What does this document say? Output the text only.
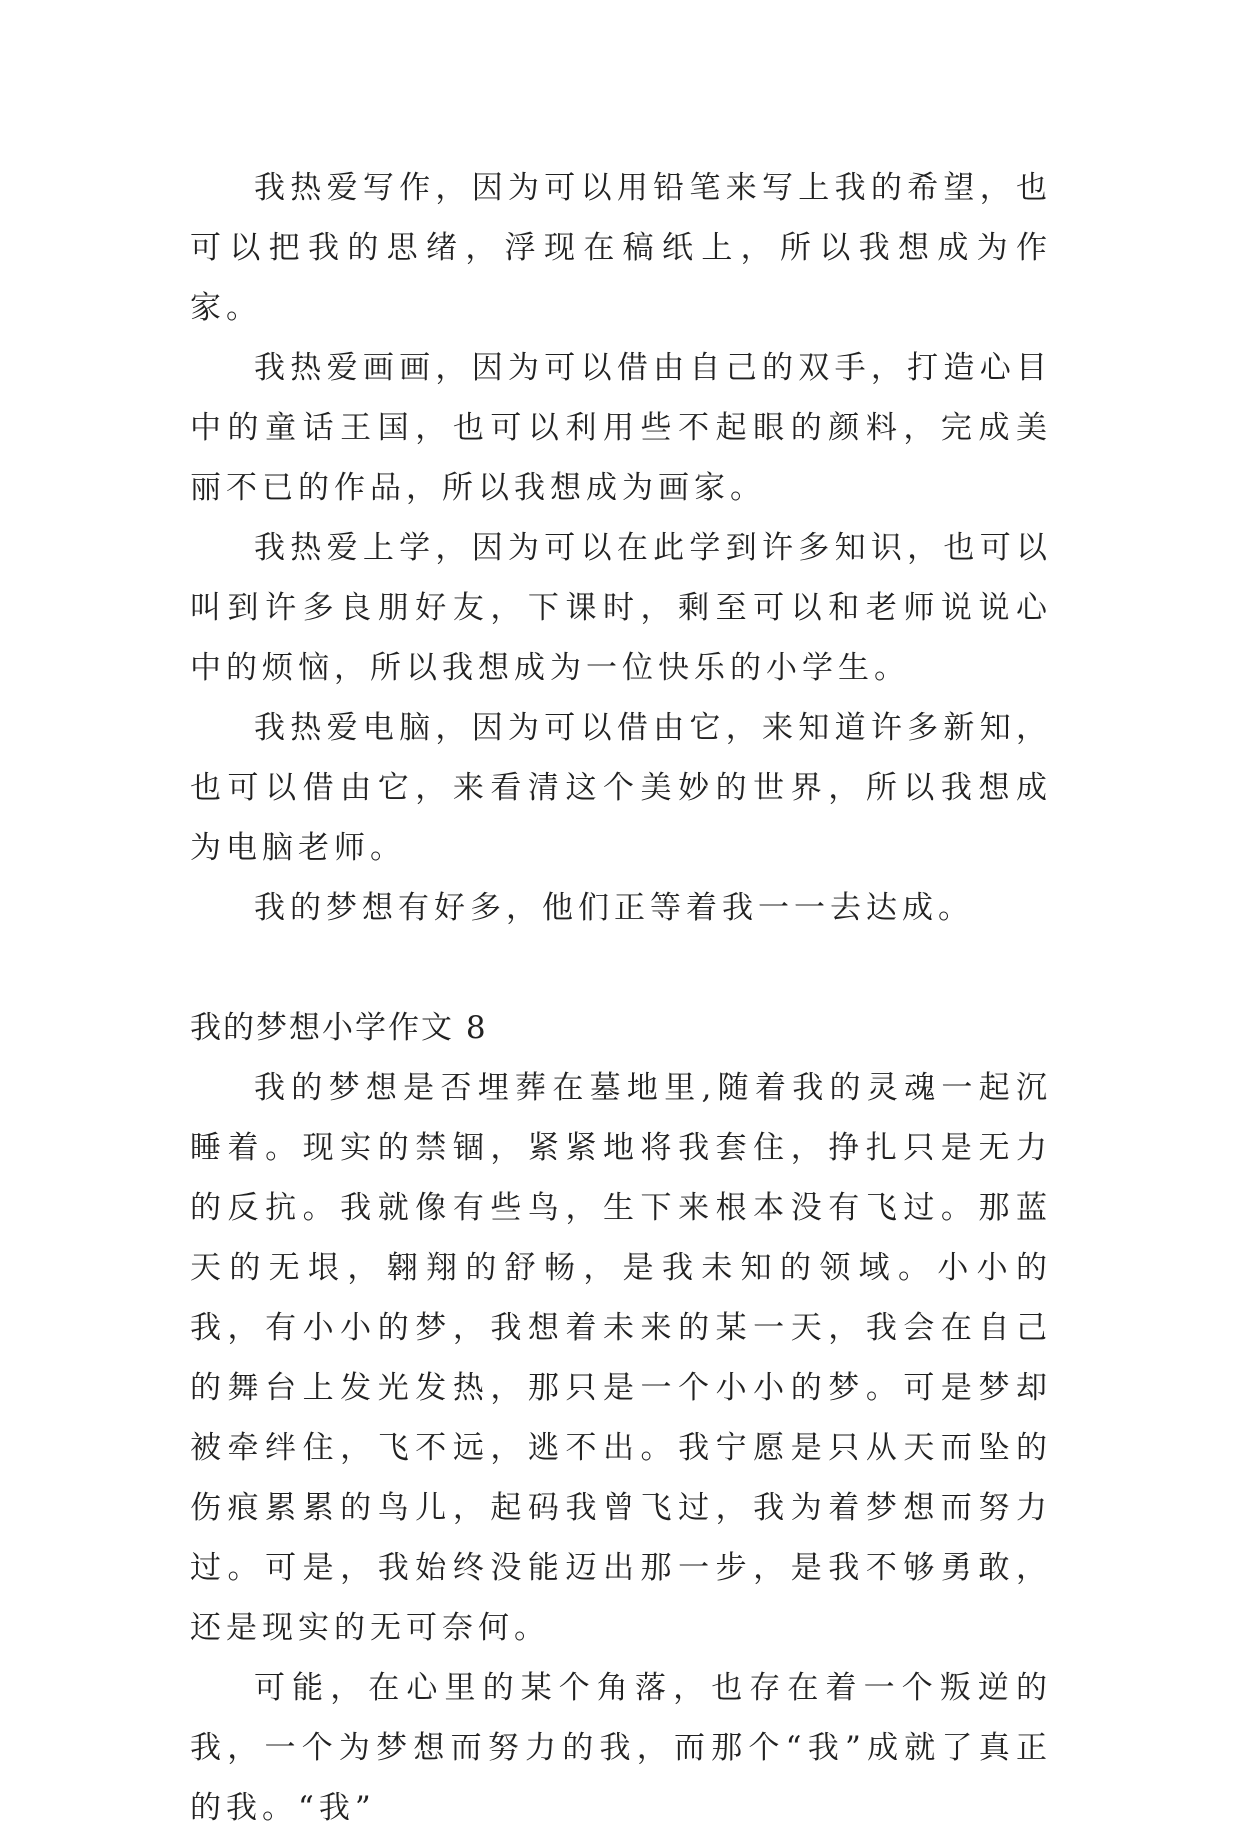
我热爱写作，因为可以用铅笔来写上我的希望，也可以把我的思绪，浮现在稿纸上，所以我想成为作家。

我热爱画画，因为可以借由自己的双手，打造心目中的童话王国，也可以利用些不起眼的颜料，完成美丽不已的作品，所以我想成为画家。

我热爱上学，因为可以在此学到许多知识，也可以叫到许多良朋好友，下课时，剩至可以和老师说说心中的烦恼，所以我想成为一位快乐的小学生。

我热爱电脑，因为可以借由它，来知道许多新知，也可以借由它，来看清这个美妙的世界，所以我想成为电脑老师。

我的梦想有好多，他们正等着我一一去达成。

我的梦想小学作文 8

我的梦想是否埋葬在墓地里,随着我的灵魂一起沉睡着。现实的禁锢，紧紧地将我套住，挣扎只是无力的反抗。我就像有些鸟，生下来根本没有飞过。那蓝天的无垠，翱翔的舒畅，是我未知的领域。小小的我，有小小的梦，我想着未来的某一天，我会在自己的舞台上发光发热，那只是一个小小的梦。可是梦却被牵绊住，飞不远，逃不出。我宁愿是只从天而坠的伤痕累累的鸟儿，起码我曾飞过，我为着梦想而努力过。可是，我始终没能迈出那一步，是我不够勇敢，还是现实的无可奈何。

可能，在心里的某个角落，也存在着一个叛逆的我，一个为梦想而努力的我，而那个“我”成就了真正的我。“我”
